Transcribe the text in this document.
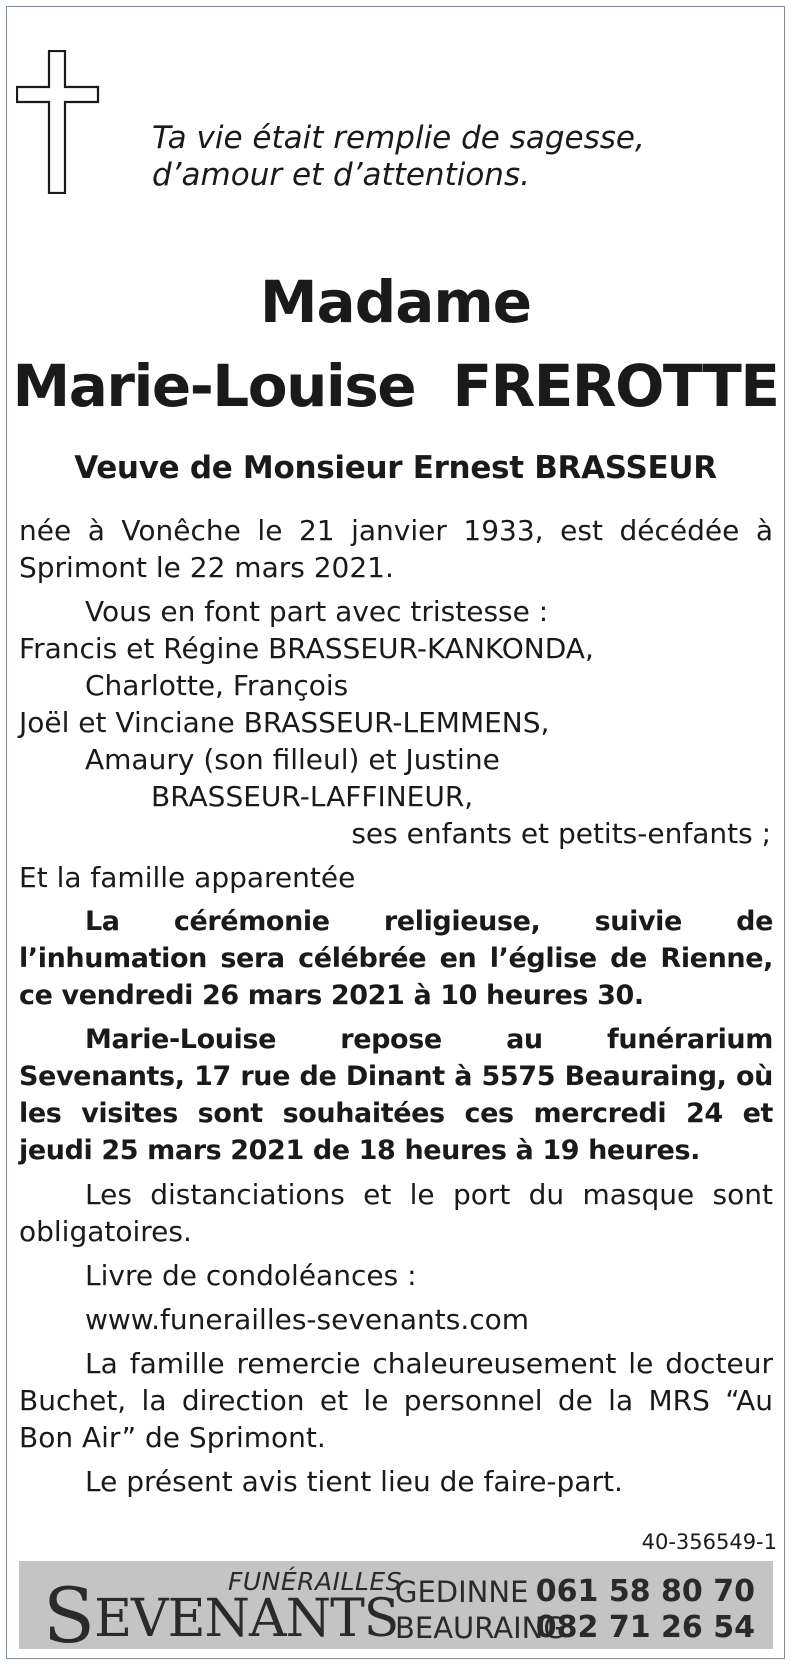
Ta vie était remplie de sagesse,
d’amour et d’attentions.
Madame
Marie-Louise  FREROTTE
Veuve de Monsieur Ernest BRASSEUR

née à Vonêche le 21 janvier 1933, est décédée à Sprimont le 22 mars 2021.

Vous en font part avec tristesse :

Francis et Régine BRASSEUR-KANKONDA,

Charlotte, François

Joël et Vinciane BRASSEUR-LEMMENS,

Amaury (son filleul) et Justine

BRASSEUR-LAFFINEUR,

ses enfants et petits-enfants ;

Et la famille apparentée

La cérémonie religieuse, suivie de l’inhumation sera célébrée en l’église de Rienne, ce vendredi 26 mars 2021 à 10 heures 30.

Marie-Louise repose au funérarium Sevenants, 17 rue de Dinant à 5575 Beauraing, où les visites sont souhaitées ces mercredi 24 et jeudi 25 mars 2021 de 18 heures à 19 heures.

Les distanciations et le port du masque sont obligatoires.

Livre de condoléances :

www.funerailles-sevenants.com

La famille remercie chaleureusement le docteur Buchet, la direction et le personnel de la MRS “Au Bon Air” de Sprimont.

Le présent avis tient lieu de faire-part.

40-356549-1
FUNÉRAILLES
SEVENANTS
GEDINNE 061 58 80 70
BEAURAING
082 71 26 54
